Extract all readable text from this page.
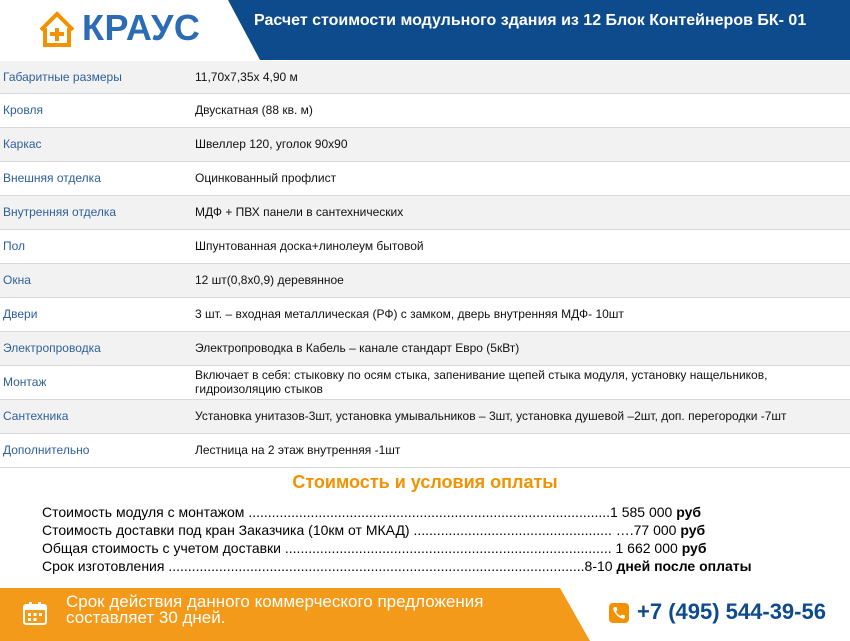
КРАУС	Расчет стоимости модульного здания из 12 Блок Контейнеров БК- 01
Габаритные размеры	11,70х7,35х 4,90 м
Кровля	Двускатная (88 кв. м)
Каркас	Швеллер 120, уголок 90х90
Внешняя отделка	Оцинкованный профлист
Внутренняя отделка	МДФ + ПВХ панели в сантехнических
Пол	Шпунтованная доска+линолеум бытовой
Окна	12 шт(0,8х0,9) деревянное
Двери	3 шт. – входная металлическая (РФ) с замком, дверь внутренняя МДФ- 10шт
Электропроводка	Электропроводка в Кабель – канале стандарт Евро (5кВт)
Монтаж	Включает в себя: стыковку по осям стыка, запенивание щепей стыка модуля, установку нащельников, гидроизоляцию стыков
Сантехника	Установка унитазов-3шт, установка умывальников – 3шт, установка душевой –2шт, доп. перегородки -7шт
Дополнительно	Лестница на 2 этаж внутренняя -1шт
Стоимость и условия оплаты
Стоимость модуля с монтажом .............................................................................................1 585 000 руб
Стоимость доставки под кран Заказчика (10км от МКАД) ................................................... ….77 000 руб
Общая стоимость с учетом доставки .................................................................................... 1 662 000 руб
Срок изготовления ...........................................................................................................8-10 дней после оплаты
Срок действия данного коммерческого предложения составляет 30 дней.	+7 (495) 544-39-56
